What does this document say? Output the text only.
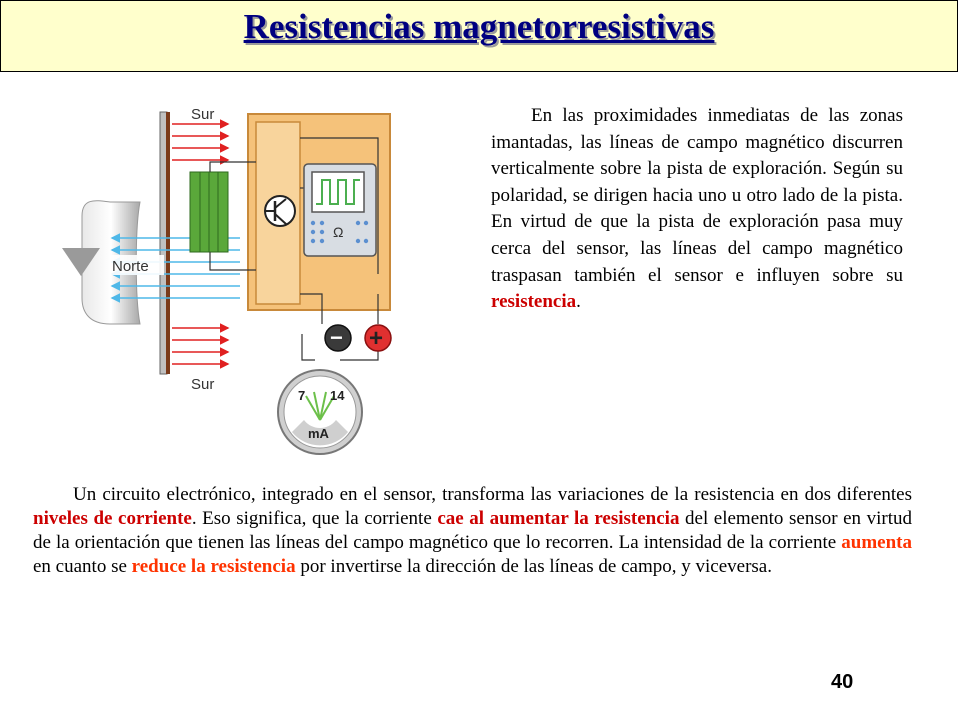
Resistencias magnetorresistivas
Sur
Norte
Sur
Ω
− +
7 14
mA
En las proximidades inmediatas de las zonas imantadas, las líneas de campo magnético discurren verticalmente sobre la pista de exploración. Según su polaridad, se dirigen hacia uno u otro lado de la pista. En virtud de que la pista de exploración pasa muy cerca del sensor, las líneas del campo magnético traspasan también el sensor e influyen sobre su resistencia.
Un circuito electrónico, integrado en el sensor, transforma las variaciones de la resistencia en dos diferentes niveles de corriente. Eso significa, que la corriente cae al aumentar la resistencia del elemento sensor en virtud de la orientación que tienen las líneas del campo magnético que lo recorren. La intensidad de la corriente aumenta en cuanto se reduce la resistencia por invertirse la dirección de las líneas de campo, y viceversa.
40
